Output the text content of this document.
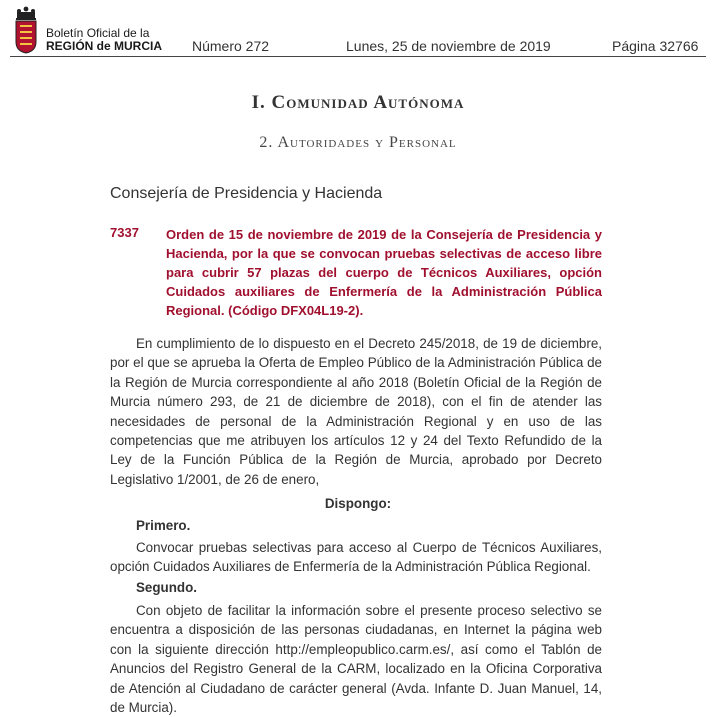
Boletín Oficial de la
REGIÓN de MURCIA Número 272	Lunes, 25 de noviembre de 2019	Página 32766
I. Comunidad Autónoma
2. Autoridades y Personal
Consejería de Presidencia y Hacienda
7337 Orden de 15 de noviembre de 2019 de la Consejería de Presidencia y Hacienda, por la que se convocan pruebas selectivas de acceso libre para cubrir 57 plazas del cuerpo de Técnicos Auxiliares, opción Cuidados auxiliares de Enfermería de la Administración Pública Regional. (Código DFX04L19-2).
En cumplimiento de lo dispuesto en el Decreto 245/2018, de 19 de diciembre, por el que se aprueba la Oferta de Empleo Público de la Administración Pública de la Región de Murcia correspondiente al año 2018 (Boletín Oficial de la Región de Murcia número 293, de 21 de diciembre de 2018), con el fin de atender las necesidades de personal de la Administración Regional y en uso de las competencias que me atribuyen los artículos 12 y 24 del Texto Refundido de la Ley de la Función Pública de la Región de Murcia, aprobado por Decreto Legislativo 1/2001, de 26 de enero,
Dispongo:
Primero.
Convocar pruebas selectivas para acceso al Cuerpo de Técnicos Auxiliares, opción Cuidados Auxiliares de Enfermería de la Administración Pública Regional.
Segundo.
Con objeto de facilitar la información sobre el presente proceso selectivo se encuentra a disposición de las personas ciudadanas, en Internet la página web con la siguiente dirección http://empleopublico.carm.es/, así como el Tablón de Anuncios del Registro General de la CARM, localizado en la Oficina Corporativa de Atención al Ciudadano de carácter general (Avda. Infante D. Juan Manuel, 14, de Murcia).
